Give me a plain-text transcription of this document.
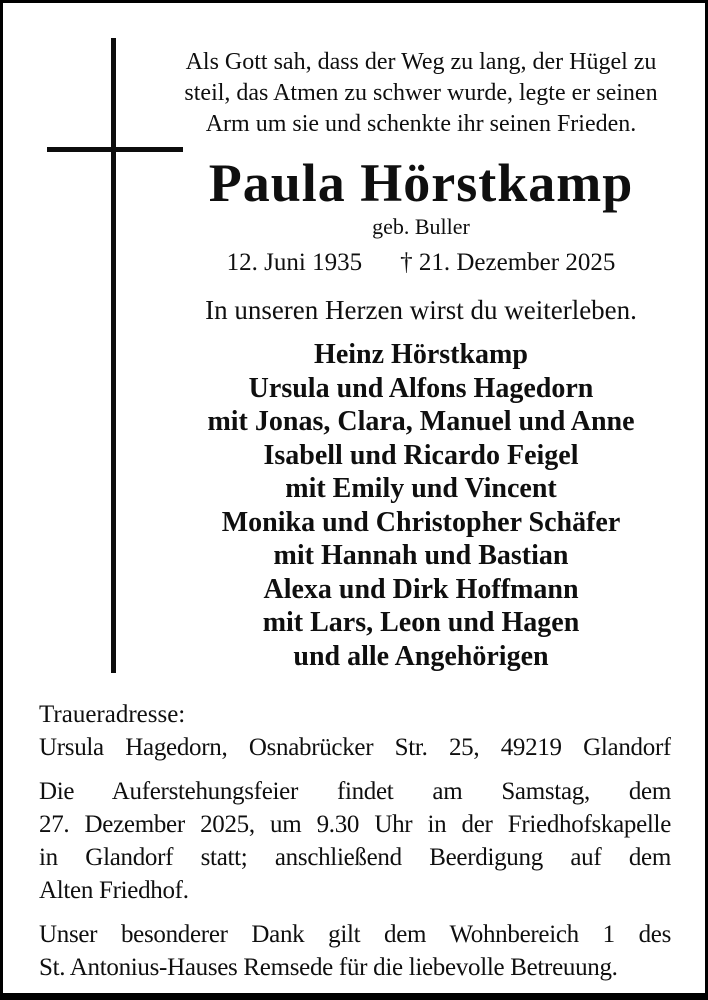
Als Gott sah, dass der Weg zu lang, der Hügel zu
steil, das Atmen zu schwer wurde, legte er seinen
Arm um sie und schenkte ihr seinen Frieden.
Paula Hörstkamp
geb. Buller
12. Juni 1935 † 21. Dezember 2025
In unseren Herzen wirst du weiterleben.
Heinz Hörstkamp
Ursula und Alfons Hagedorn
mit Jonas, Clara, Manuel und Anne
Isabell und Ricardo Feigel
mit Emily und Vincent
Monika und Christopher Schäfer
mit Hannah und Bastian
Alexa und Dirk Hoffmann
mit Lars, Leon und Hagen
und alle Angehörigen
Traueradresse:
Ursula Hagedorn, Osnabrücker Str. 25, 49219 Glandorf
Die Auferstehungsfeier findet am Samstag, dem
27. Dezember 2025, um 9.30 Uhr in der Friedhofskapelle
in Glandorf statt; anschließend Beerdigung auf dem
Alten Friedhof.
Unser besonderer Dank gilt dem Wohnbereich 1 des
St. Antonius-Hauses Remsede für die liebevolle Betreuung.
